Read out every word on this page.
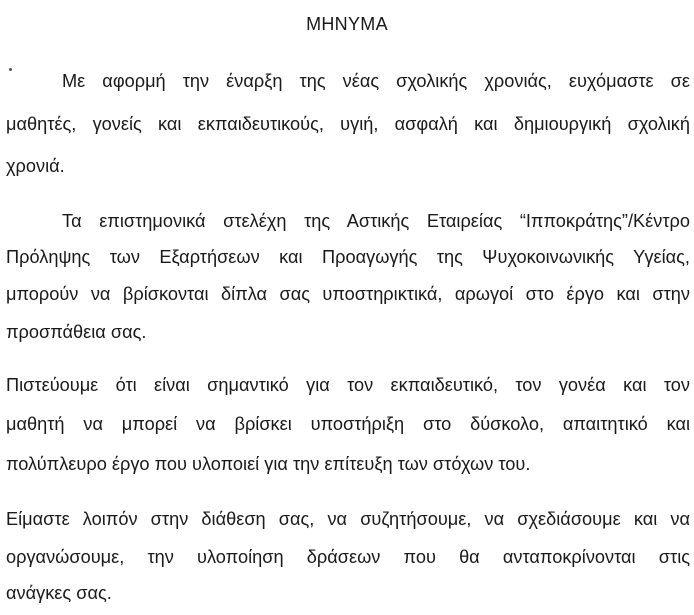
ΜΗΝΥΜΑ
Με αφορμή την έναρξη της νέας σχολικής χρονιάς, ευχόμαστε σε
μαθητές, γονείς και εκπαιδευτικούς, υγιή, ασφαλή και δημιουργική σχολική
χρονιά.
Τα επιστημονικά στελέχη της Αστικής Εταιρείας “Ιπποκράτης”/Κέντρο
Πρόληψης των Εξαρτήσεων και Προαγωγής της Ψυχοκοινωνικής Υγείας,
μπορούν να βρίσκονται δίπλα σας υποστηρικτικά, αρωγοί στο έργο και στην
προσπάθεια σας.
Πιστεύουμε ότι είναι σημαντικό για τον εκπαιδευτικό, τον γονέα και τον
μαθητή να μπορεί να βρίσκει υποστήριξη στο δύσκολο, απαιτητικό και
πολύπλευρο έργο που υλοποιεί για την επίτευξη των στόχων του.
Είμαστε λοιπόν στην διάθεση σας, να συζητήσουμε, να σχεδιάσουμε και να
οργανώσουμε, την υλοποίηση δράσεων που θα ανταποκρίνονται στις
ανάγκες σας.
